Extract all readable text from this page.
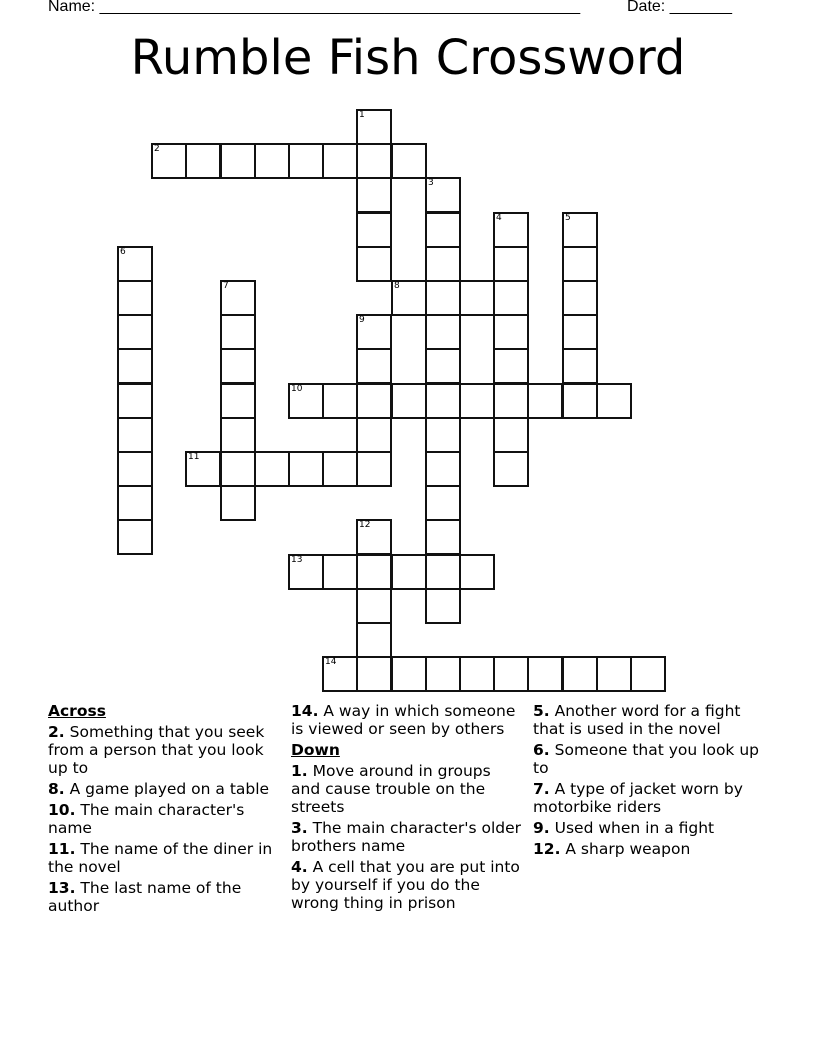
Name: ______________________________________________________	Date: _______
Rumble Fish Crossword
1
2
3
4	5
6
7	8
9
10
11
12
13
14
Across
2. Something that you seek from a person that you look up to
8. A game played on a table
10. The main character's name
11. The name of the diner in the novel
13. The last name of the author
14. A way in which someone is viewed or seen by others
Down
1. Move around in groups and cause trouble on the streets
3. The main character's older brothers name
4. A cell that you are put into by yourself if you do the wrong thing in prison
5. Another word for a fight that is used in the novel
6. Someone that you look up to
7. A type of jacket worn by motorbike riders
9. Used when in a fight
12. A sharp weapon
